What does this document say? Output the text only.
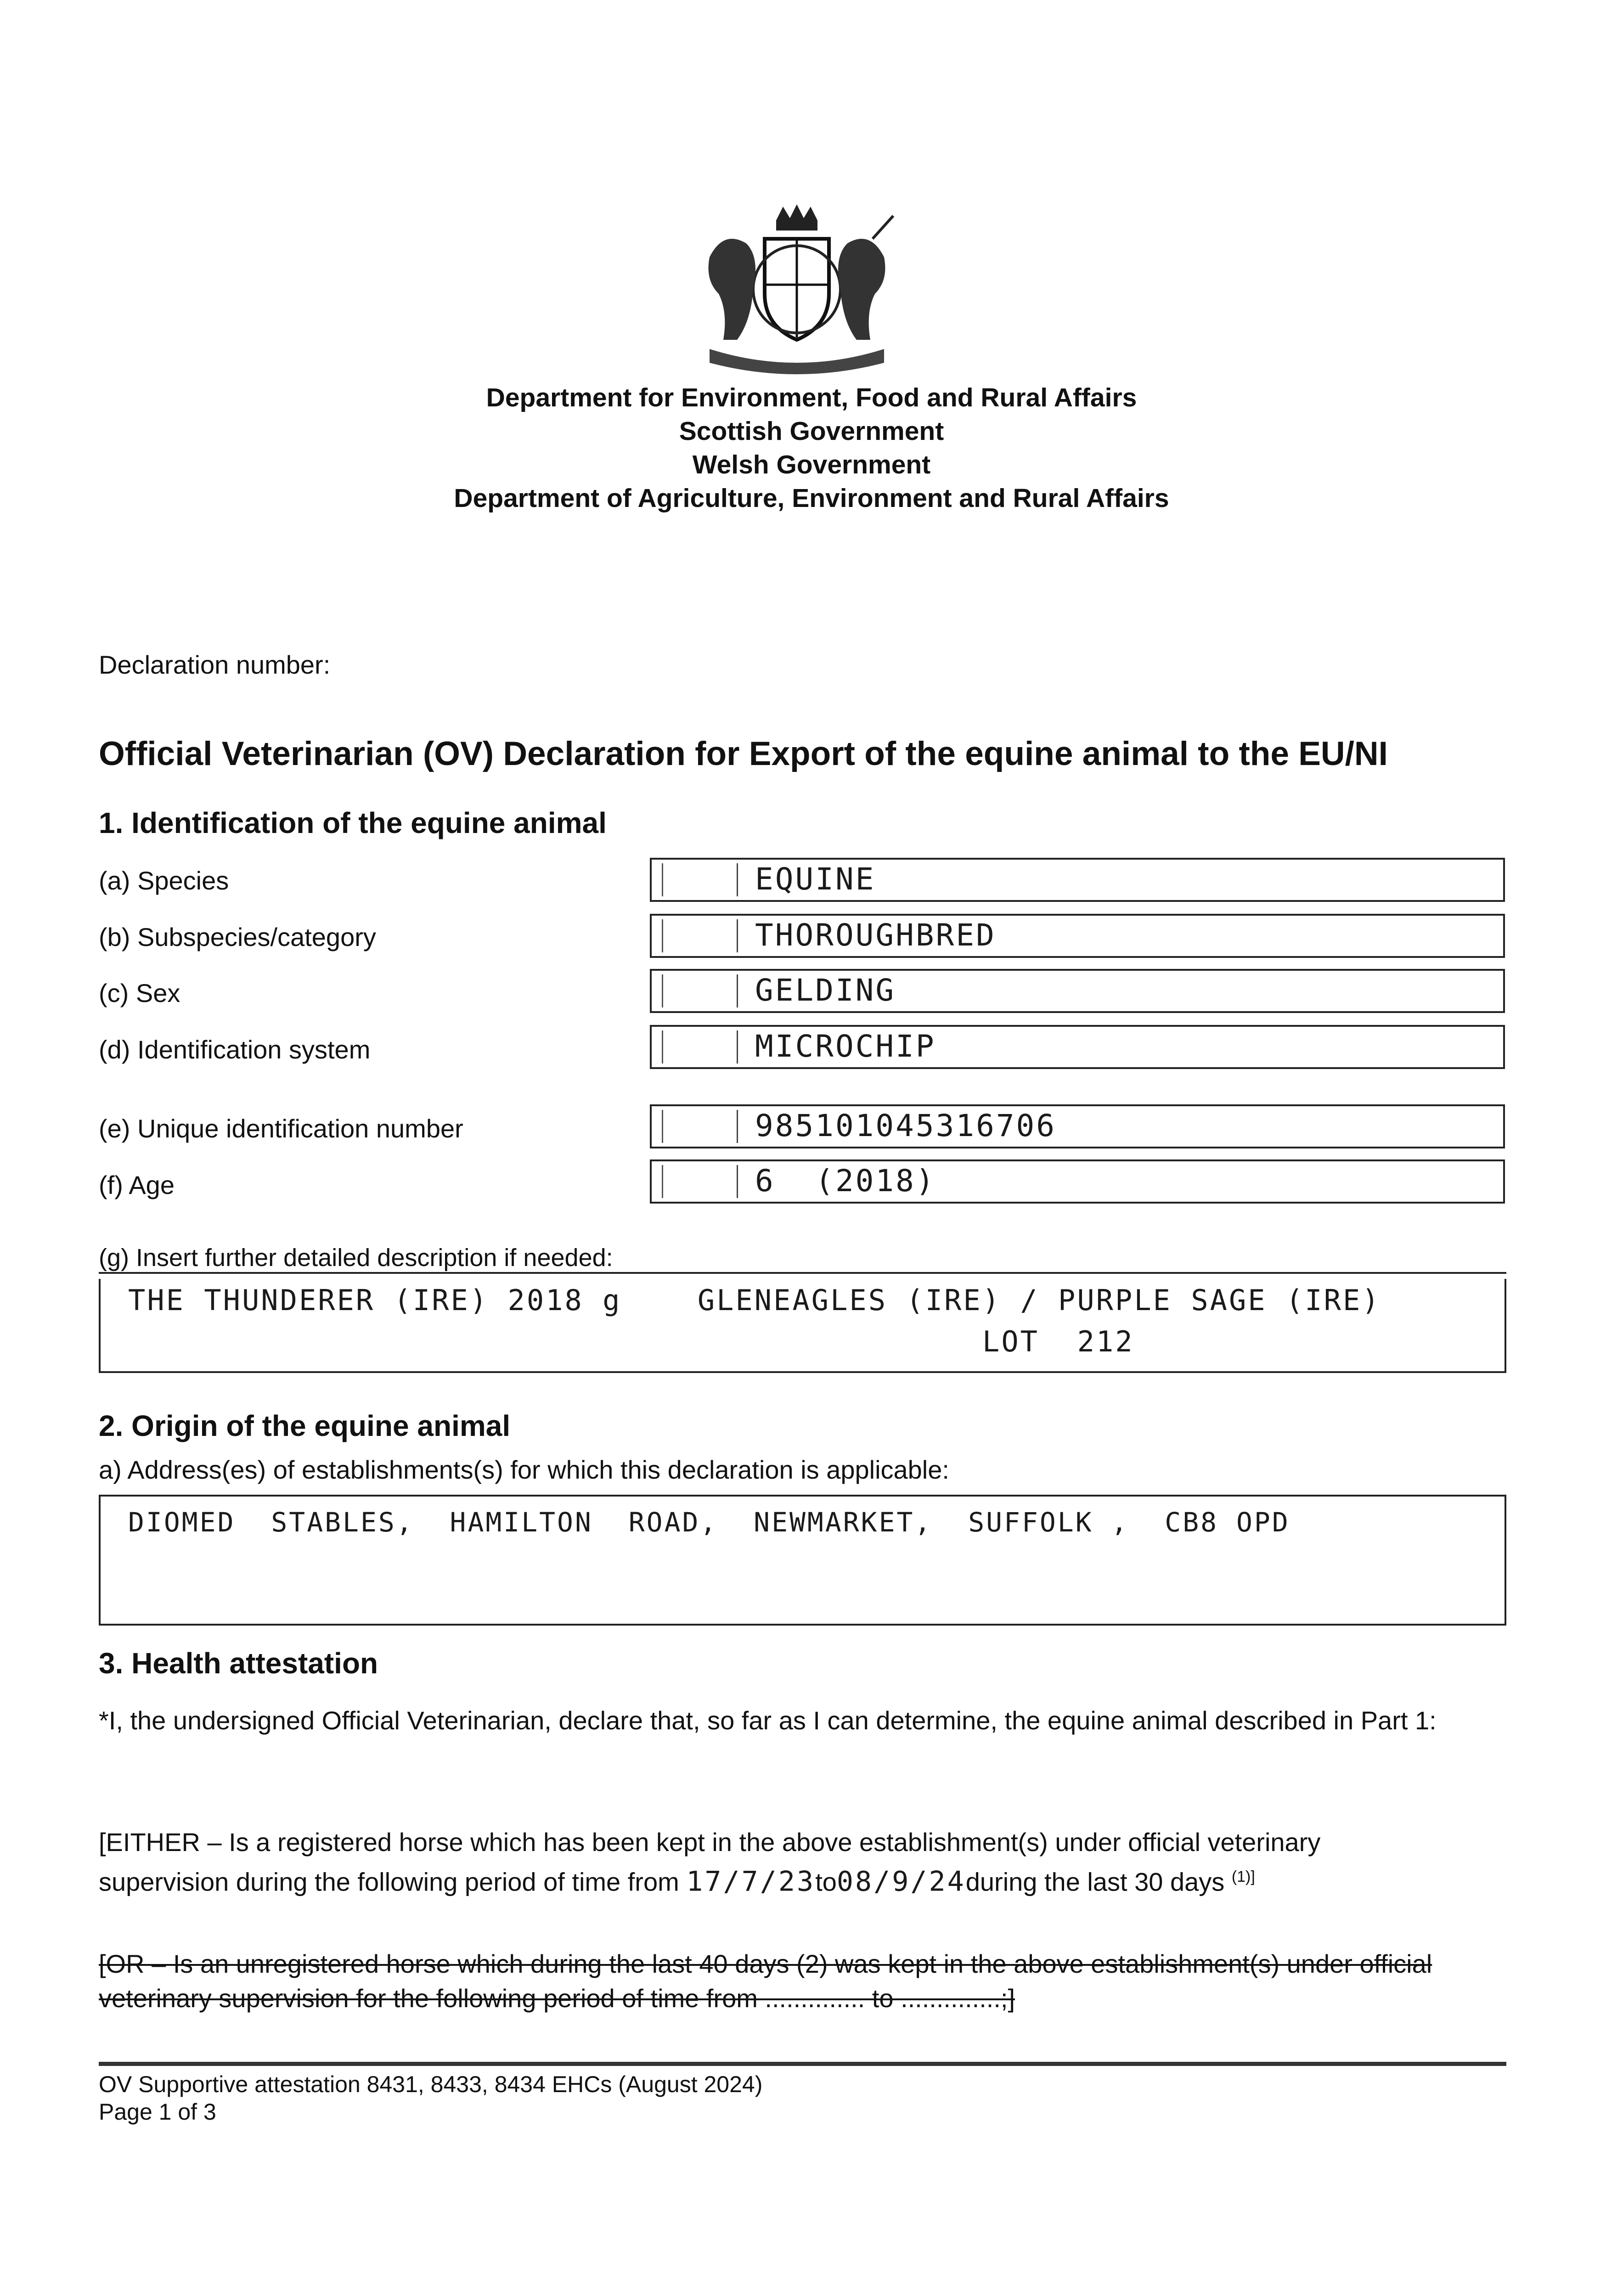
Department for Environment, Food and Rural Affairs
Scottish Government
Welsh Government
Department of Agriculture, Environment and Rural Affairs
Declaration number:
Official Veterinarian (OV) Declaration for Export of the equine animal to the EU/NI
1. Identification of the equine animal
(a) Species	EQUINE
(b) Subspecies/category	THOROUGHBRED
(c) Sex	GELDING
(d) Identification system	MICROCHIP
(e) Unique identification number	985101045316706
(f) Age	6  (2018)
(g) Insert further detailed description if needed:
THE THUNDERER (IRE) 2018 g    GLENEAGLES (IRE) / PURPLE SAGE (IRE)
LOT  212
2. Origin of the equine animal
a) Address(es) of establishments(s) for which this declaration is applicable:
DIOMED  STABLES,  HAMILTON  ROAD,  NEWMARKET,  SUFFOLK ,  CB8 OPD
3. Health attestation
*I, the undersigned Official Veterinarian, declare that, so far as I can determine, the equine animal described in Part 1:
[EITHER – Is a registered horse which has been kept in the above establishment(s) under official veterinary
supervision during the following period of time from 17/7/23to08/9/24during the last 30 days $^{(1)]}$
[OR – Is an unregistered horse which during the last 40 days (2) was kept in the above establishment(s) under official
veterinary supervision for the following period of time from .............. to ..............;]
OV Supportive attestation 8431, 8433, 8434 EHCs (August 2024)
Page 1 of 3
